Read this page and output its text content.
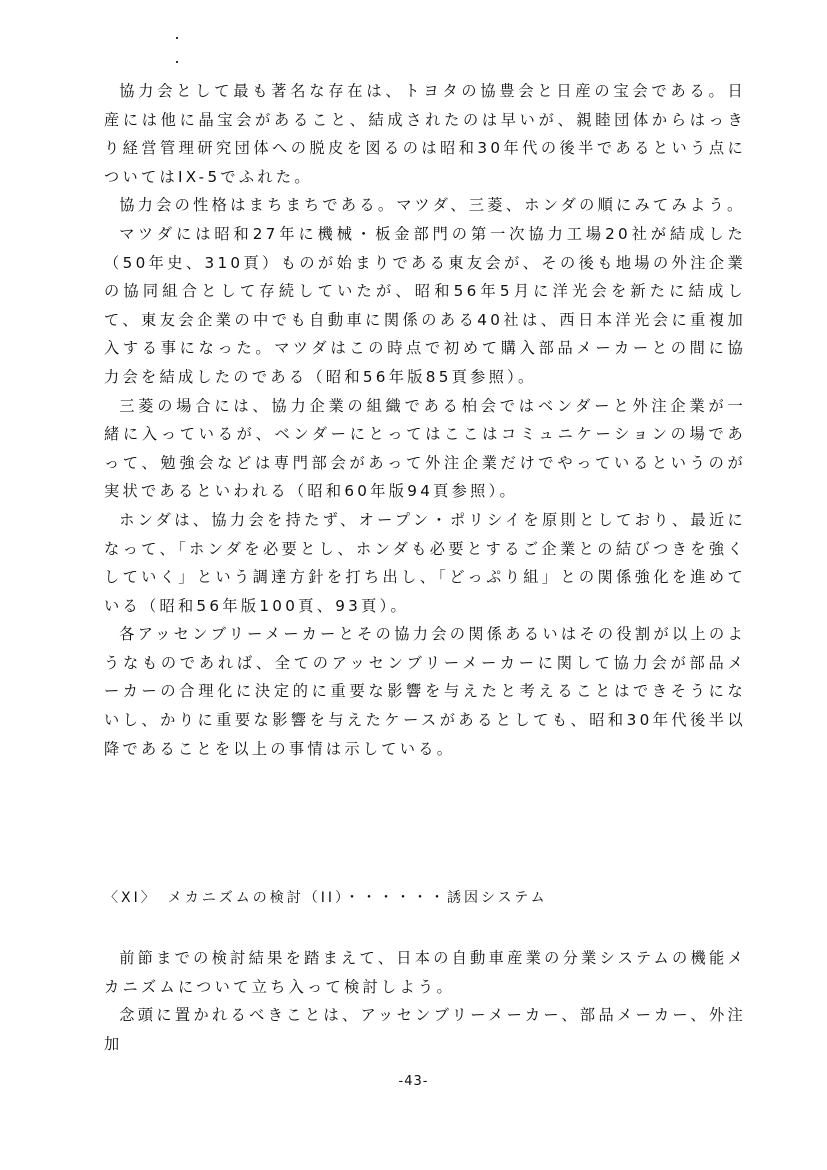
協力会として最も著名な存在は、トヨタの協豊会と日産の宝会である。日産には他に晶宝会があること、結成されたのは早いが、親睦団体からはっきり経営管理研究団体への脱皮を図るのは昭和30年代の後半であるという点についてはIX-5でふれた。

協力会の性格はまちまちである。マツダ、三菱、ホンダの順にみてみよう。

マツダには昭和27年に機械・板金部門の第一次協力工場20社が結成した（50年史、310頁）ものが始まりである東友会が、その後も地場の外注企業の協同組合として存続していたが、昭和56年5月に洋光会を新たに結成して、東友会企業の中でも自動車に関係のある40社は、西日本洋光会に重複加入する事になった。マツダはこの時点で初めて購入部品メーカーとの間に協力会を結成したのである（昭和56年版85頁参照）。

三菱の場合には、協力企業の組織である柏会ではベンダーと外注企業が一緒に入っているが、ベンダーにとってはここはコミュニケーションの場であって、勉強会などは専門部会があって外注企業だけでやっているというのが実状であるといわれる（昭和60年版94頁参照）。

ホンダは、協力会を持たず、オープン・ポリシイを原則としており、最近になって、「ホンダを必要とし、ホンダも必要とするご企業との結びつきを強くしていく」という調達方針を打ち出し、「どっぷり組」との関係強化を進めている（昭和56年版100頁、93頁）。

各アッセンブリーメーカーとその協力会の関係あるいはその役割が以上のようなものであれば、全てのアッセンブリーメーカーに関して協力会が部品メーカーの合理化に決定的に重要な影響を与えたと考えることはできそうにないし、かりに重要な影響を与えたケースがあるとしても、昭和30年代後半以降であることを以上の事情は示している。

〈XI〉　メカニズムの検討（II）・・・・・・誘因システム

前節までの検討結果を踏まえて、日本の自動車産業の分業システムの機能メカニズムについて立ち入って検討しよう。

念頭に置かれるべきことは、アッセンブリーメーカー、部品メーカー、外注加

-43-
